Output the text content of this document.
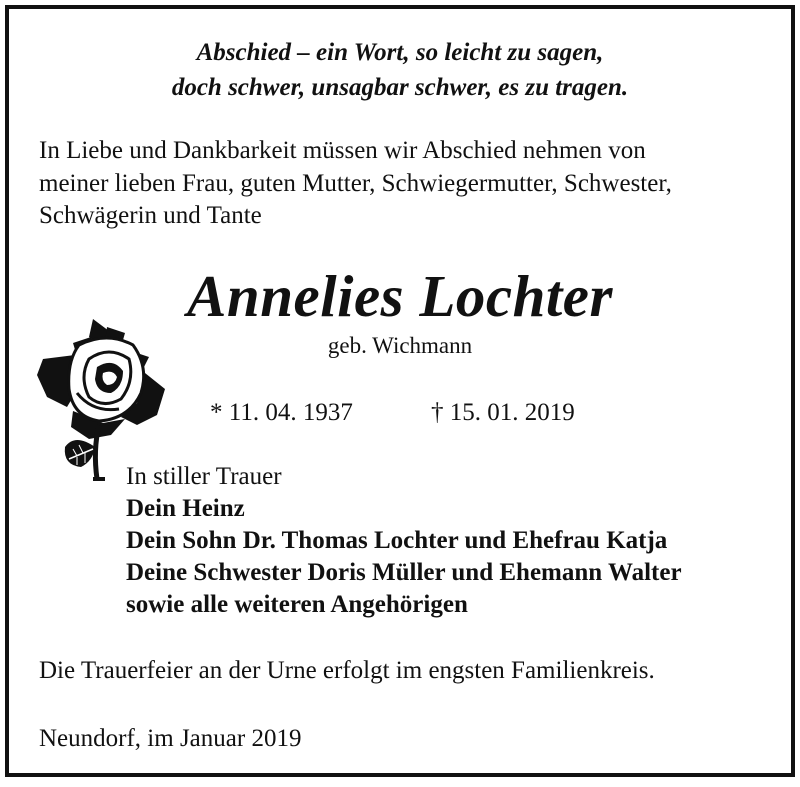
Abschied – ein Wort, so leicht zu sagen,
doch schwer, unsagbar schwer, es zu tragen.
In Liebe und Dankbarkeit müssen wir Abschied nehmen von
meiner lieben Frau, guten Mutter, Schwiegermutter, Schwester,
Schwägerin und Tante
Annelies Lochter
geb. Wichmann
* 11. 04. 1937	† 15. 01. 2019
In stiller Trauer
Dein Heinz
Dein Sohn Dr. Thomas Lochter und Ehefrau Katja
Deine Schwester Doris Müller und Ehemann Walter
sowie alle weiteren Angehörigen
Die Trauerfeier an der Urne erfolgt im engsten Familienkreis.
Neundorf, im Januar 2019
